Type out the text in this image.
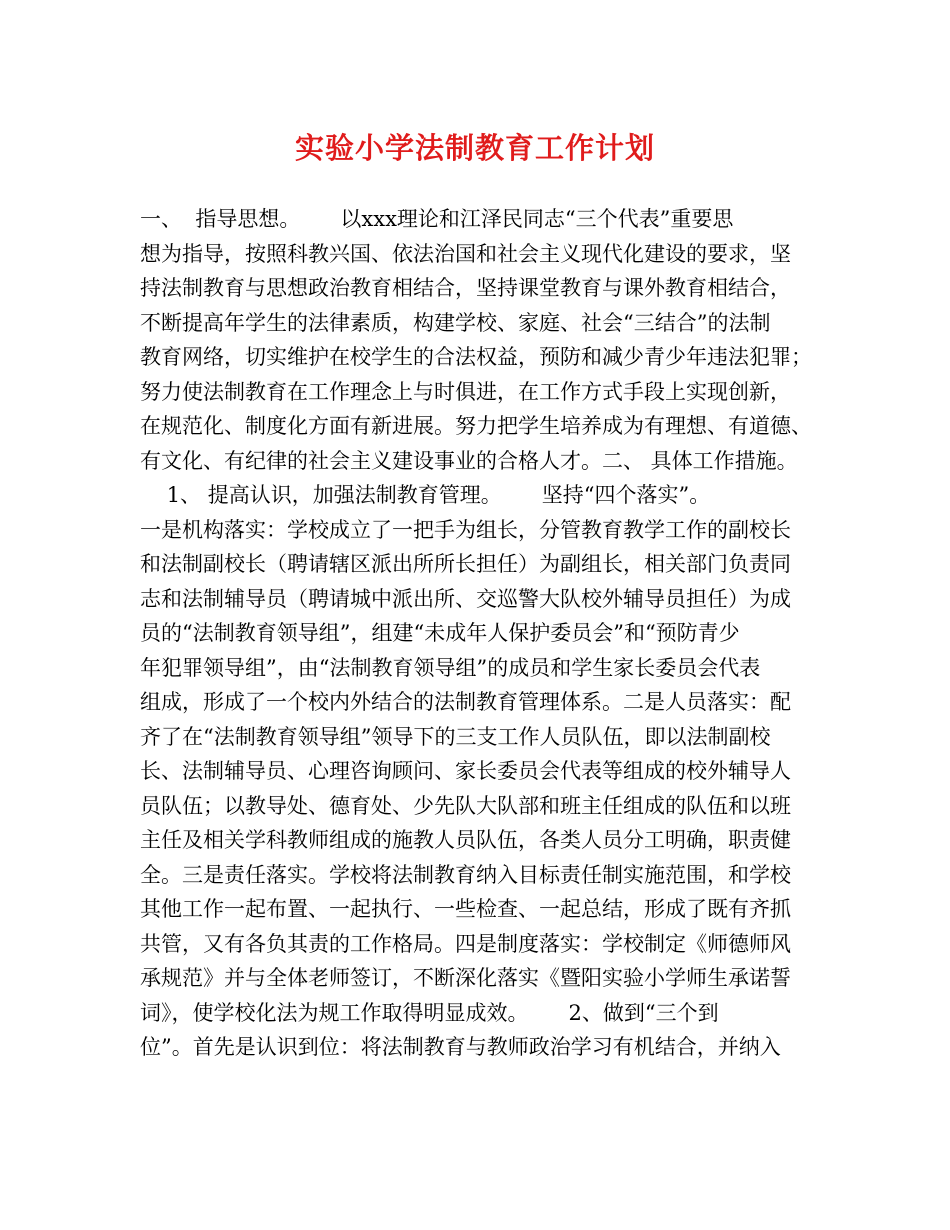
实验小学法制教育工作计划
一、  指导思想。      以xxx理论和江泽民同志“三个代表”重要思
想为指导，按照科教兴国、依法治国和社会主义现代化建设的要求，坚
持法制教育与思想政治教育相结合，坚持课堂教育与课外教育相结合，
不断提高年学生的法律素质，构建学校、家庭、社会“三结合”的法制
教育网络，切实维护在校学生的合法权益，预防和减少青少年违法犯罪；
努力使法制教育在工作理念上与时俱进，在工作方式手段上实现创新，
在规范化、制度化方面有新进展。努力把学生培养成为有理想、有道德、
有文化、有纪律的社会主义建设事业的合格人才。二、 具体工作措施。
1、 提高认识，加强法制教育管理。      坚持“四个落实”。
一是机构落实：学校成立了一把手为组长，分管教育教学工作的副校长
和法制副校长（聘请辖区派出所所长担任）为副组长，相关部门负责同
志和法制辅导员（聘请城中派出所、交巡警大队校外辅导员担任）为成
员的“法制教育领导组”，组建“未成年人保护委员会”和“预防青少
年犯罪领导组”，由“法制教育领导组”的成员和学生家长委员会代表
组成，形成了一个校内外结合的法制教育管理体系。二是人员落实：配
齐了在“法制教育领导组”领导下的三支工作人员队伍，即以法制副校
长、法制辅导员、心理咨询顾问、家长委员会代表等组成的校外辅导人
员队伍；以教导处、德育处、少先队大队部和班主任组成的队伍和以班
主任及相关学科教师组成的施教人员队伍，各类人员分工明确，职责健
全。三是责任落实。学校将法制教育纳入目标责任制实施范围，和学校
其他工作一起布置、一起执行、一些检查、一起总结，形成了既有齐抓
共管，又有各负其责的工作格局。四是制度落实：学校制定《师德师风
承规范》并与全体老师签订，不断深化落实《暨阳实验小学师生承诺誓
词》，使学校化法为规工作取得明显成效。      2、做到“三个到
位”。首先是认识到位：将法制教育与教师政治学习有机结合，并纳入
